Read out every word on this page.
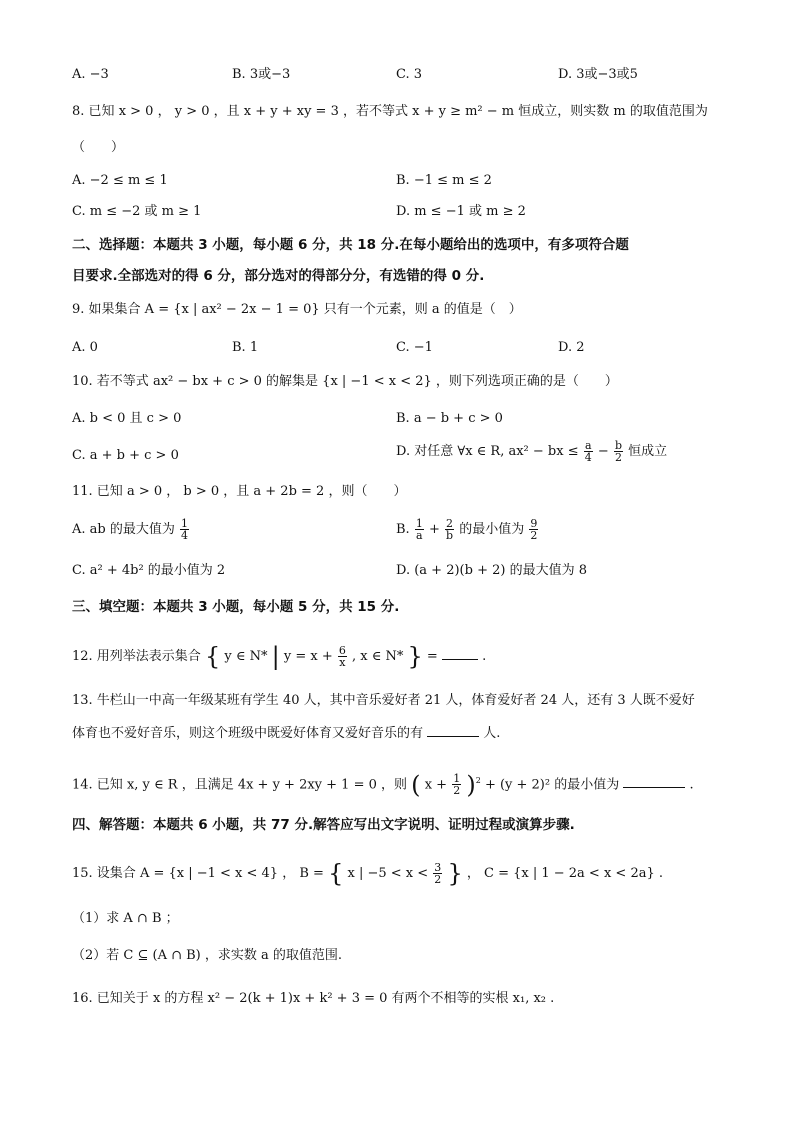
A. −3	B. 3或−3	C. 3	D. 3或−3或5
8. 已知 x > 0 ， y > 0 ，且 x + y + xy = 3 ，若不等式 x + y ≥ m² − m 恒成立，则实数 m 的取值范围为
（　　）
A. −2 ≤ m ≤ 1	B. −1 ≤ m ≤ 2
C. m ≤ −2 或 m ≥ 1	D. m ≤ −1 或 m ≥ 2
二、选择题：本题共 3 小题，每小题 6 分，共 18 分.在每小题给出的选项中，有多项符合题
目要求.全部选对的得 6 分，部分选对的得部分分，有选错的得 0 分.
9. 如果集合 A = {x | ax² − 2x − 1 = 0} 只有一个元素，则 a 的值是（　）
A. 0	B. 1	C. −1	D. 2
10. 若不等式 ax² − bx + c > 0 的解集是 {x | −1 < x < 2} ，则下列选项正确的是（　　）
A. b < 0 且 c > 0	B. a − b + c > 0
C. a + b + c > 0	D. 对任意 ∀x ∈ R, ax² − bx ≤ $\frac{a}{4} - \frac{b}{2}$ 恒成立
11. 已知 a > 0 ， b > 0 ，且 a + 2b = 2 ，则（　　）
A. ab 的最大值为 $\frac{1}{4}$	B. $\frac{1}{a} + \frac{2}{b}$ 的最小值为 $\frac{9}{2}$
C. a² + 4b² 的最小值为 2	D. (a + 2)(b + 2) 的最大值为 8
三、填空题：本题共 3 小题，每小题 5 分，共 15 分.
12. 用列举法表示集合 { y ∈ N* | $y = x + \frac{6}{x}$ , x ∈ N* } =	.
13. 牛栏山一中高一年级某班有学生 40 人，其中音乐爱好者 21 人，体育爱好者 24 人，还有 3 人既不爱好
体育也不爱好音乐，则这个班级中既爱好体育又爱好音乐的有	人.
14. 已知 x, y ∈ R ，且满足 4x + y + 2xy + 1 = 0 ，则 ( $x + \frac{1}{2} )^2 + (y + 2)^2$ 的最小值为	.
四、解答题：本题共 6 小题，共 77 分.解答应写出文字说明、证明过程或演算步骤.
15. 设集合 A = {x | −1 < x < 4} ， B = { x | $-5 < x < \frac{3}{2}$ } ， C = {x | 1 − 2a < x < 2a} .
（1）求 A ∩ B ；
（2）若 C ⊆ (A ∩ B) ，求实数 a 的取值范围.
16. 已知关于 x 的方程 x² − 2(k + 1)x + k² + 3 = 0 有两个不相等的实根 x₁, x₂ .
